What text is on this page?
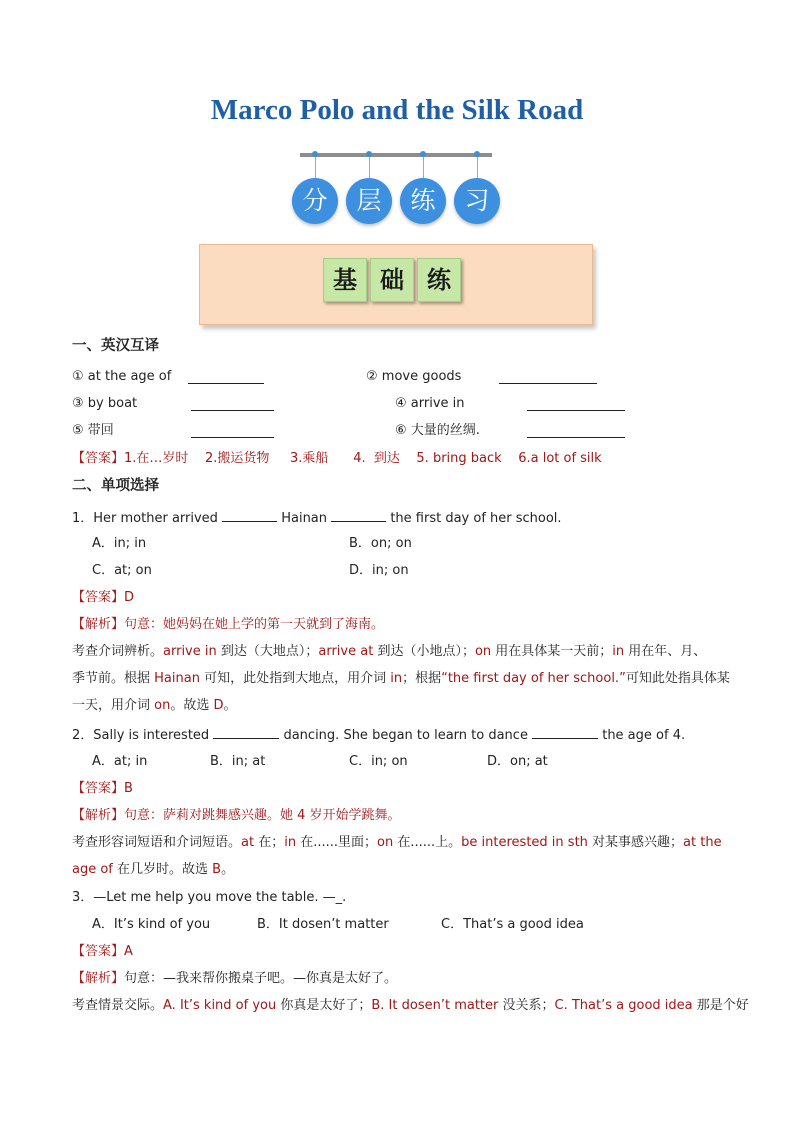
Marco Polo and the Silk Road
分	层	练	习
基 础 练
一、英汉互译
① at the age of	② move goods
③ by boat	④ arrive in
⑤ 带回	⑥ 大量的丝绸.
【答案】1.在…岁时    2.搬运货物     3.乘船      4.  到达    5. bring back    6.a lot of silk
二、单项选择
1．Her mother arrived	Hainan	the first day of her school.
A．in; in	B．on; on
C．at; on	D．in; on
【答案】D
【解析】句意：她妈妈在她上学的第一天就到了海南。
考查介词辨析。arrive in 到达（大地点）；arrive at 到达（小地点）；on 用在具体某一天前；in 用在年、月、
季节前。根据 Hainan 可知，此处指到大地点，用介词 in；根据“the first day of her school.”可知此处指具体某
一天，用介词 on。故选 D。
2．Sally is interested	dancing. She began to learn to dance	the age of 4.
A．at; in	B．in; at	C．in; on	D．on; at
【答案】B
【解析】句意：萨莉对跳舞感兴趣。她 4 岁开始学跳舞。
考查形容词短语和介词短语。at 在；in 在......里面；on 在......上。be interested in sth 对某事感兴趣；at the
age of 在几岁时。故选 B。
3．—Let me help you move the table. —_.
A．It’s kind of you	B．It dosen’t matter	C．That’s a good idea
【答案】A
【解析】句意：—我来帮你搬桌子吧。—你真是太好了。
考查情景交际。A. It’s kind of you 你真是太好了；B. It dosen’t matter 没关系；C. That’s a good idea 那是个好
